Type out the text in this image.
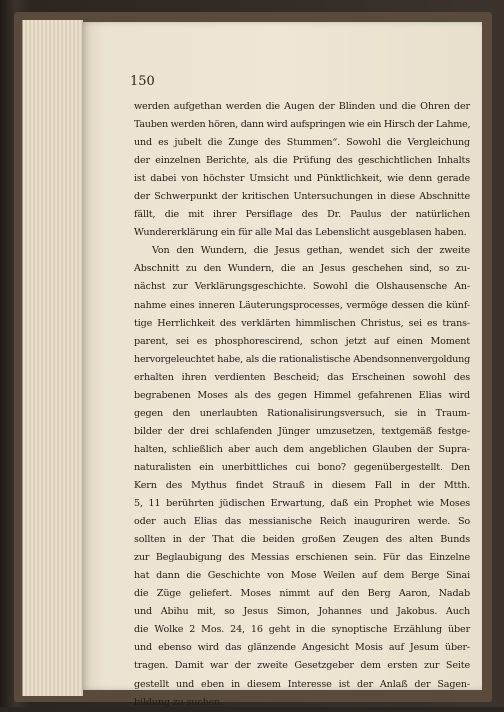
150
werden aufgethan werden die Augen der Blinden und die Ohren der
Tauben werden hören, dann wird aufspringen wie ein Hirsch der Lahme,
und es jubelt die Zunge des Stummen“. Sowohl die Vergleichung
der einzelnen Berichte, als die Prüfung des geschichtlichen Inhalts
ist dabei von höchster Umsicht und Pünktlichkeit, wie denn gerade
der Schwerpunkt der kritischen Untersuchungen in diese Abschnitte
fällt, die mit ihrer Persiflage des Dr. Paulus der natürlichen
Wundererklärung ein für alle Mal das Lebenslicht ausgeblasen haben.
Von den Wundern, die Jesus gethan, wendet sich der zweite
Abschnitt zu den Wundern, die an Jesus geschehen sind, so zu-
nächst zur Verklärungsgeschichte. Sowohl die Olshausensche An-
nahme eines inneren Läuterungsprocesses, vermöge dessen die künf-
tige Herrlichkeit des verklärten himmlischen Christus, sei es trans-
parent, sei es phosphorescirend, schon jetzt auf einen Moment
hervorgeleuchtet habe, als die rationalistische Abendsonnenvergoldung
erhalten ihren verdienten Bescheid; das Erscheinen sowohl des
begrabenen Moses als des gegen Himmel gefahrenen Elias wird
gegen den unerlaubten Rationalisirungsversuch, sie in Traum-
bilder der drei schlafenden Jünger umzusetzen, textgemäß festge-
halten, schließlich aber auch dem angeblichen Glauben der Supra-
naturalisten ein unerbittliches cui bono? gegenübergestellt. Den
Kern des Mythus findet Strauß in diesem Fall in der Mtth.
5, 11 berührten jüdischen Erwartung, daß ein Prophet wie Moses
oder auch Elias das messianische Reich inauguriren werde. So
sollten in der That die beiden großen Zeugen des alten Bunds
zur Beglaubigung des Messias erschienen sein. Für das Einzelne
hat dann die Geschichte von Mose Weilen auf dem Berge Sinai
die Züge geliefert. Moses nimmt auf den Berg Aaron, Nadab
und Abihu mit, so Jesus Simon, Johannes und Jakobus. Auch
die Wolke 2 Mos. 24, 16 geht in die synoptische Erzählung über
und ebenso wird das glänzende Angesicht Mosis auf Jesum über-
tragen. Damit war der zweite Gesetzgeber dem ersten zur Seite
gestellt und eben in diesem Interesse ist der Anlaß der Sagen-
bildung zu suchen.
